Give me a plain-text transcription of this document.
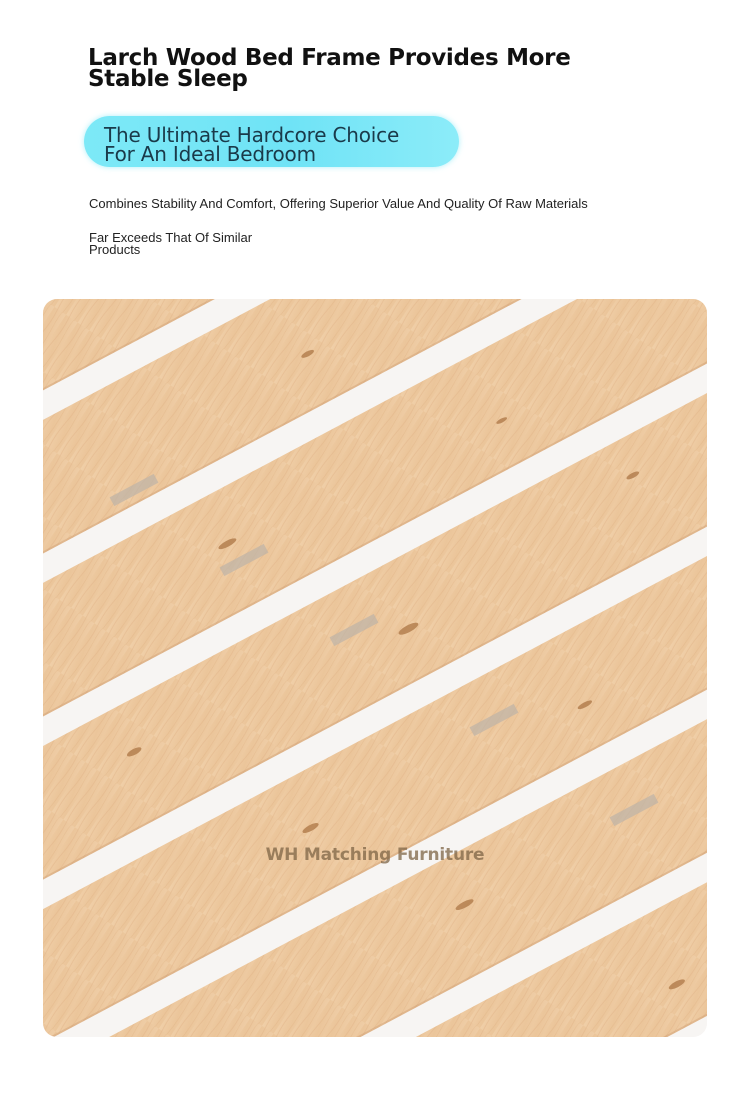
Larch Wood Bed Frame Provides More
Stable Sleep
The Ultimate Hardcore Choice
For An Ideal Bedroom
Combines Stability And Comfort, Offering Superior Value And Quality Of Raw Materials
Far Exceeds That Of Similar
Products
WH Matching Furniture
